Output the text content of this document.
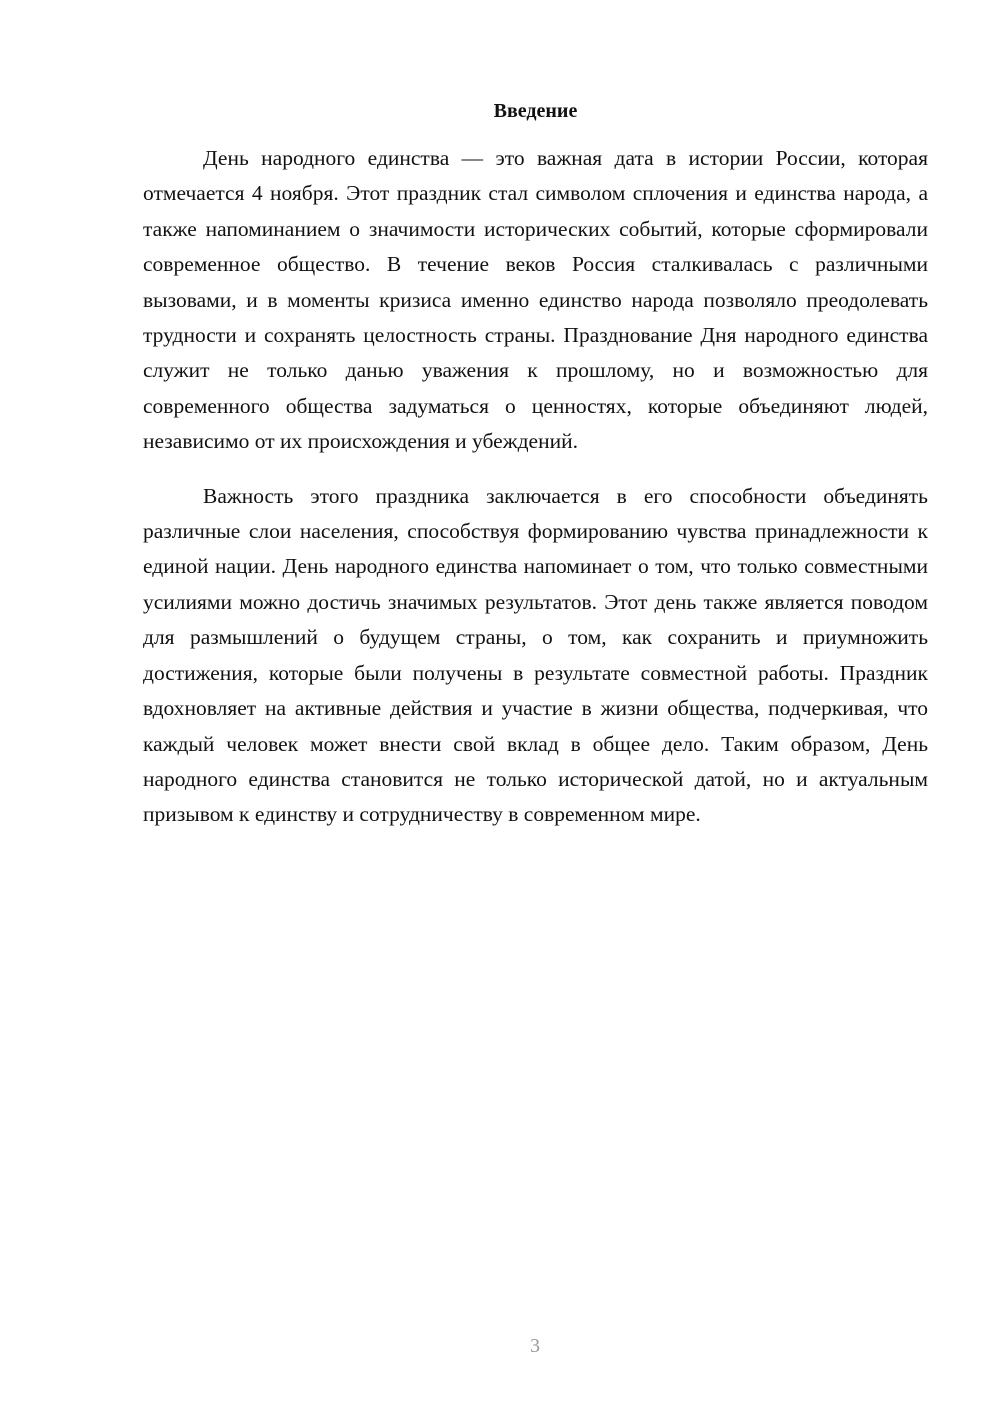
Введение

День народного единства — это важная дата в истории России, которая отмечается 4 ноября. Этот праздник стал символом сплочения и единства народа, а также напоминанием о значимости исторических событий, которые сформировали современное общество. В течение веков Россия сталкивалась с различными вызовами, и в моменты кризиса именно единство народа позволяло преодолевать трудности и сохранять целостность страны. Празднование Дня народного единства служит не только данью уважения к прошлому, но и возможностью для современного общества задуматься о ценностях, которые объединяют людей, независимо от их происхождения и убеждений.

Важность этого праздника заключается в его способности объединять различные слои населения, способствуя формированию чувства принадлежности к единой нации. День народного единства напоминает о том, что только совместными усилиями можно достичь значимых результатов. Этот день также является поводом для размышлений о будущем страны, о том, как сохранить и приумножить достижения, которые были получены в результате совместной работы. Праздник вдохновляет на активные действия и участие в жизни общества, подчеркивая, что каждый человек может внести свой вклад в общее дело. Таким образом, День народного единства становится не только исторической датой, но и актуальным призывом к единству и сотрудничеству в современном мире.

3
